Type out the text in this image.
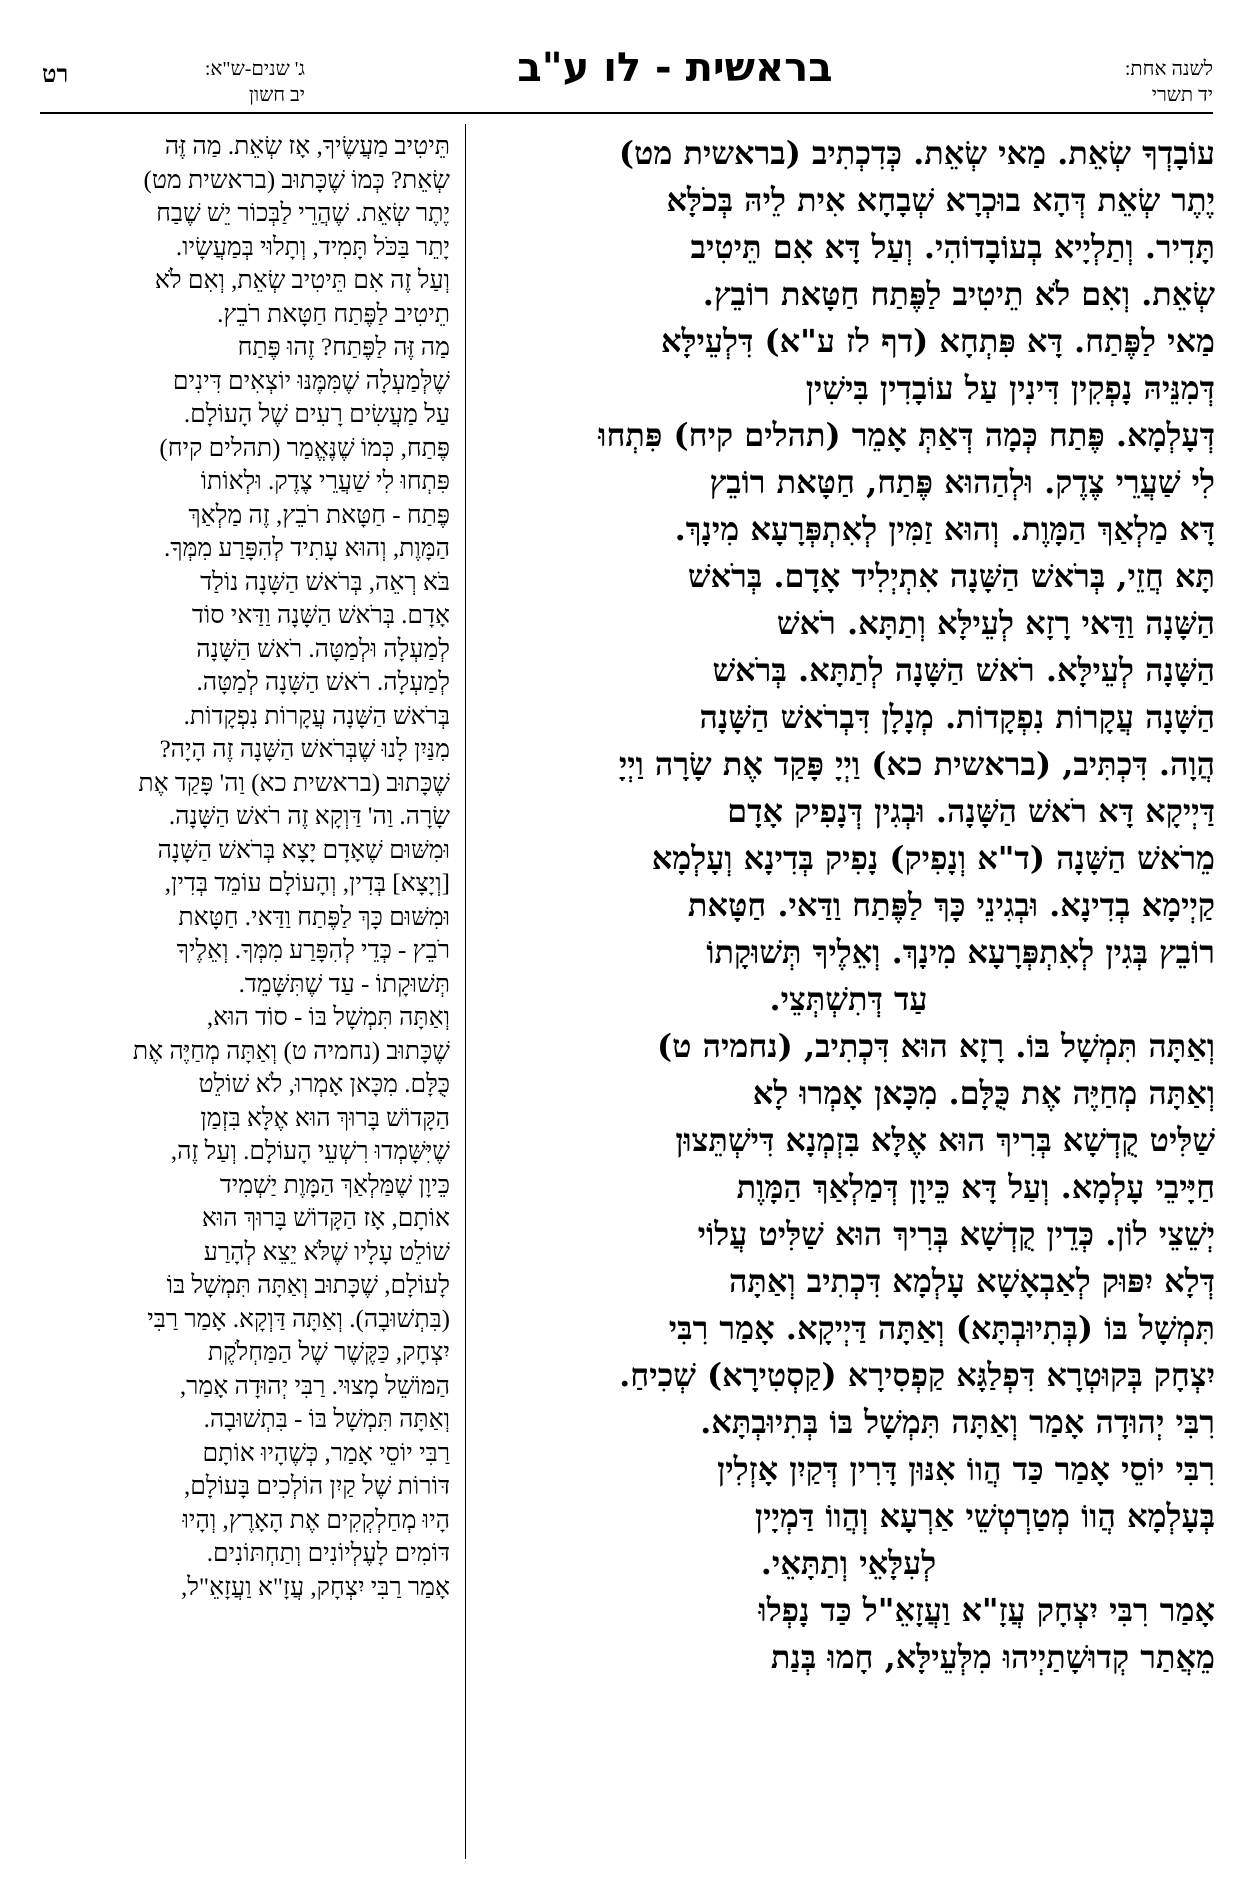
לשנה אחת:
יד תשרי
בראשית - לו ע"ב
ג' שנים-ש"א:
יב חשון
רט
עוֹבָדְךָ שְׂאֵת. מַאי שְׂאֵת. כְּדִכְתִיב (בראשית מט)
יֶתֶר שְׂאֵת דְּהָא בוּכְרָא שְׁבָחָא אִית לֵיהּ בְּכֹלָּא
תָּדִיר. וְתַלְיָיא בְעוֹבָדוֹהִי. וְעַל דָּא אִם תֵּיטִיב
שְׂאֵת. וְאִם לֹא תֵיטִיב לַפֶּתַח חַטָּאת רוֹבֵץ.
מַאי לַפֶּתַח. דָּא פִּתְחָא (דף לז ע"א) דִּלְעֵילָּא
דְּמִנֵּיהּ נָפְקִין דִּינִין עַל עוֹבָדִין בִּישִׁין
דְּעָלְמָא. פֶּתַח כְּמָה דְּאַתְּ אָמֵר (תהלים קיח) פִּתְחוּ
לִי שַׁעֲרֵי צֶדֶק. וּלְהַהוּא פֶּתַח, חַטָּאת רוֹבֵץ
דָּא מַלְאַךְ הַמָּוֶת. וְהוּא זַמִּין לְאִתְפְּרָעָא מִינָךְ.
תָּא חֲזֵי, בְּרֹאשׁ הַשָּׁנָה אִתְיְלִיד אָדָם. בְּרֹאשׁ
הַשָּׁנָה וַדַּאי רָזָא לְעֵילָּא וְתַתָּא. רֹאשׁ
הַשָּׁנָה לְעֵילָּא. רֹאשׁ הַשָּׁנָה לְתַתָּא. בְּרֹאשׁ
הַשָּׁנָה עֲקָרוֹת נִפְקָדוֹת. מְנָלָן דִּבְרֹאשׁ הַשָּׁנָה
הֲוָה. דִּכְתִּיב, (בראשית כא) וַיְיָ פָּקַד אֶת שָׂרָה וַיְיָ
דַּיְיקָא דָּא רֹאשׁ הַשָּׁנָה. וּבְגִין דְּנָפִיק אָדָם
מֵרֹאשׁ הַשָּׁנָה (ד"א וְנָפִיק) נָפִיק בְּדִינָא וְעָלְמָא
קַיְימָא בְדִינָא. וּבְגִינֵי כָּךְ לַפֶּתַח וַדַּאי. חַטָּאת
רוֹבֵץ בְּגִין לְאִתְפְּרָעָא מִינָךְ. וְאֵלֶיךָ תְּשׁוּקָתוֹ
עַד דְּתִשְׁתְּצֵי.
וְאַתָּה תִּמְשָׁל בּוֹ. רָזָא הוּא דִּכְתִיב, (נחמיה ט)
וְאַתָּה מְחַיֶּה אֶת כֻּלָּם. מִכָּאן אָמְרוּ לָא
שַׁלִּיט קֻדְשָׁא בְּרִיךְ הוּא אֶלָּא בִּזְמְנָא דִּישְׁתֵּצוּן
חַיָּיבֵי עָלְמָא. וְעַל דָּא כֵּיוָן דְּמַלְאַךְ הַמָּוֶת
יְשֵׁצֵי לוֹן. כְּדֵין קֻדְשָׁא בְּרִיךְ הוּא שַׁלִּיט עֲלוֹי
דְּלָא יִפּוּק לְאַבְאָשָׁא עָלְמָא דִּכְתִיב וְאַתָּה
תִּמְשָׁל בּוֹ (בְּתִיוּבְתָּא) וְאַתָּה דַּיְיקָא. אָמַר רִבִּי
יִצְחָק בְּקוּטְרָא דִּפְלַגָּא קַפְסִירָא (קַסְטִירָא) שְׁכִיחַ.
רִבִּי יְהוּדָה אָמַר וְאַתָּה תִּמְשָׁל בּוֹ בְּתִיוּבְתָּא.
רִבִּי יוֹסֵי אָמַר כַּד הֲווֹ אִנּוּן דָּרִין דְּקַיִן אָזְלִין
בְּעָלְמָא הֲווֹ מְטַרְטְשֵׁי אַרְעָא וְהֲווֹ דַּמְיָין
לְעִלָּאֵי וְתַתָּאֵי.
אָמַר רִבִּי יִצְחָק עֲזָ"א וַעֲזָאֵ"ל כַּד נָפְלוּ
מֵאֲתַר קְדוּשָׁתַיְיהוּ מִלְּעֵילָּא, חָמוּ בְּנַת
תֵּיטִיב מַעֲשֶׂיךָ, אָז שְׂאֵת. מַה זֶּה
שְׂאֵת? כְּמוֹ שֶׁכָּתוּב (בראשית מט)
יֶתֶר שְׂאֵת. שֶׁהֲרֵי לַבְּכוֹר יֵשׁ שֶׁבַח
יָתֵר בַּכֹּל תָּמִיד, וְתָלוּי בְּמַעֲשָׂיו.
וְעַל זֶה אִם תֵּיטִיב שְׂאֵת, וְאִם לֹא
תֵיטִיב לַפֶּתַח חַטָּאת רֹבֵץ.
מַה זֶּה לַפֶּתַח? זֶהוּ פֶּתַח
שֶׁלְּמַעְלָה שֶׁמִּמֶּנּוּ יוֹצְאִים דִּינִים
עַל מַעֲשִׂים רָעִים שֶׁל הָעוֹלָם.
פֶּתַח, כְּמוֹ שֶׁנֶּאֱמַר (תהלים קיח)
פִּתְחוּ לִי שַׁעֲרֵי צֶדֶק. וּלְאוֹתוֹ
פֶּתַח - חַטָּאת רֹבֵץ, זֶה מַלְאַךְ
הַמָּוֶת, וְהוּא עָתִיד לְהִפָּרַע מִמְּךָ.
בֹּא רְאֵה, בְּרֹאשׁ הַשָּׁנָה נוֹלַד
אָדָם. בְּרֹאשׁ הַשָּׁנָה וַדַּאי סוֹד
לְמַעְלָה וּלְמַטָּה. רֹאשׁ הַשָּׁנָה
לְמַעְלָה. רֹאשׁ הַשָּׁנָה לְמַטָּה.
בְּרֹאשׁ הַשָּׁנָה עֲקָרוֹת נִפְקָדוֹת.
מִנַּיִן לָנוּ שֶׁבְּרֹאשׁ הַשָּׁנָה זֶה הָיָה?
שֶׁכָּתוּב (בראשית כא) וַה' פָּקַד אֶת
שָׂרָה. וַה' דַּוְקָא זֶה רֹאשׁ הַשָּׁנָה.
וּמִשּׁוּם שֶׁאָדָם יָצָא בְּרֹאשׁ הַשָּׁנָה
[וְיָצָא] בְּדִין, וְהָעוֹלָם עוֹמֵד בְּדִין,
וּמִשּׁוּם כָּךְ לַפֶּתַח וַדַּאי. חַטָּאת
רֹבֵץ - כְּדֵי לְהִפָּרַע מִמְּךָ. וְאֵלֶיךָ
תְּשׁוּקָתוֹ - עַד שֶׁתִּשָּׁמֵד.
וְאַתָּה תִּמְשָׁל בּוֹ - סוֹד הוּא,
שֶׁכָּתוּב (נחמיה ט) וְאַתָּה מְחַיֶּה אֶת
כֻּלָּם. מִכָּאן אָמְרוּ, לֹא שׁוֹלֵט
הַקָּדוֹשׁ בָּרוּךְ הוּא אֶלָּא בִּזְמַן
שֶׁיִּשָּׁמְדוּ רִשְׁעֵי הָעוֹלָם. וְעַל זֶה,
כֵּיוָן שֶׁמַּלְאַךְ הַמָּוֶת יַשְׁמִיד
אוֹתָם, אָז הַקָּדוֹשׁ בָּרוּךְ הוּא
שׁוֹלֵט עָלָיו שֶׁלֹּא יֵצֵא לְהָרַע
לָעוֹלָם, שֶׁכָּתוּב וְאַתָּה תִּמְשָׁל בּוֹ
(בִּתְשׁוּבָה). וְאַתָּה דַּוְקָא. אָמַר רַבִּי
יִצְחָק, כַּקֶּשֶׁר שֶׁל הַמַּחְלֹקֶת
הַמּוֹשֵׁל מָצוּי. רַבִּי יְהוּדָה אָמַר,
וְאַתָּה תִּמְשָׁל בּוֹ - בִּתְשׁוּבָה.
רַבִּי יוֹסֵי אָמַר, כְּשֶׁהָיוּ אוֹתָם
דּוֹרוֹת שֶׁל קַיִן הוֹלְכִים בָּעוֹלָם,
הָיוּ מְחַלְקְקִים אֶת הָאָרֶץ, וְהָיוּ
דּוֹמִים לָעֶלְיוֹנִים וְתַחְתּוֹנִים.
אָמַר רַבִּי יִצְחָק, עֲזָ"א וַעֲזָאֵ"ל,
